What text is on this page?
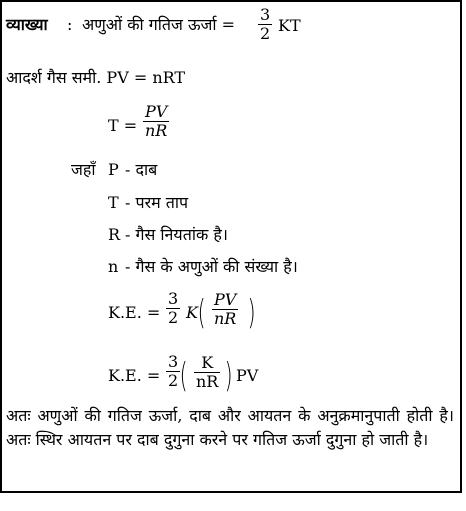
व्याख्या : अणुओं की गतिज ऊर्जा =
3
2 KT
आदर्श गैस समी. PV = nRT
T =
PV
nR
जहाँ P - दाब
T - परम ताप
R - गैस नियतांक है।
n - गैस के अणुओं की संख्या है।
K.E. =
3
2 K ( PV
nR )
K.E. =
3
2 ( K
nR ) PV
अतः अणुओं की गतिज ऊर्जा, दाब और आयतन के अनुक्रमानुपाती होती है। अतः स्थिर आयतन पर दाब दुगुना करने पर गतिज ऊर्जा दुगुना हो जाती है।
